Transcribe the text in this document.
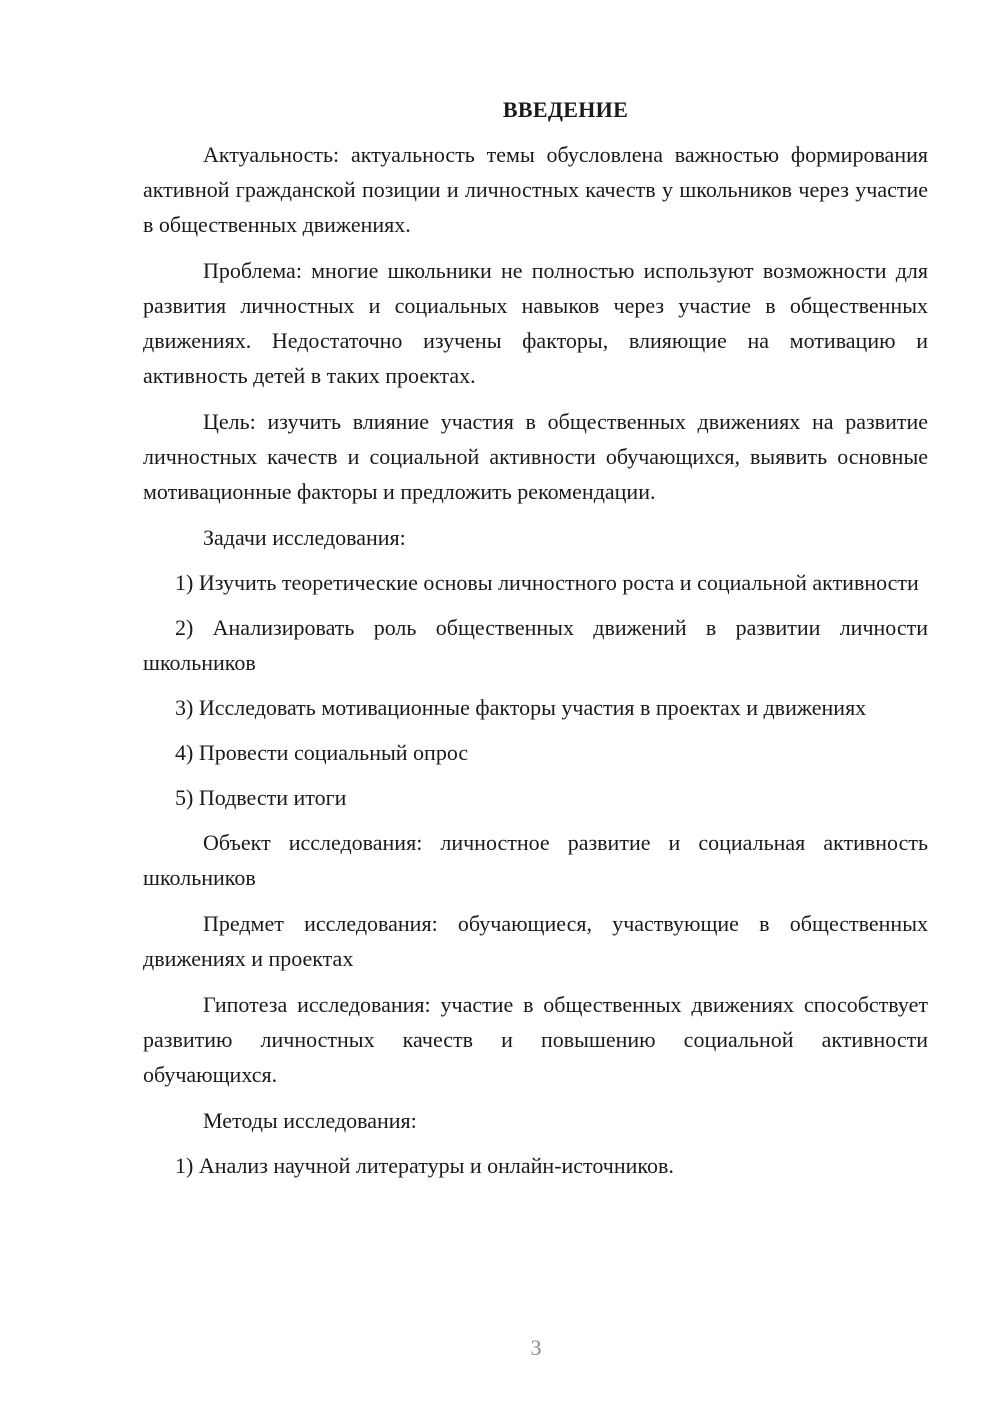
ВВЕДЕНИЕ

Актуальность: актуальность темы обусловлена важностью формирования активной гражданской позиции и личностных качеств у школьников через участие в общественных движениях.

Проблема: многие школьники не полностью используют возможности для развития личностных и социальных навыков через участие в общественных движениях. Недостаточно изучены факторы, влияющие на мотивацию и активность детей в таких проектах.

Цель: изучить влияние участия в общественных движениях на развитие личностных качеств и социальной активности обучающихся, выявить основные мотивационные факторы и предложить рекомендации.

Задачи исследования:

1) Изучить теоретические основы личностного роста и социальной активности

2) Анализировать роль общественных движений в развитии личности школьников

3) Исследовать мотивационные факторы участия в проектах и движениях

4) Провести социальный опрос

5) Подвести итоги

Объект исследования: личностное развитие и социальная активность школьников

Предмет исследования: обучающиеся, участвующие в общественных движениях и проектах

Гипотеза исследования: участие в общественных движениях способствует развитию личностных качеств и повышению социальной активности обучающихся.

Методы исследования:

1) Анализ научной литературы и онлайн-источников.

3
